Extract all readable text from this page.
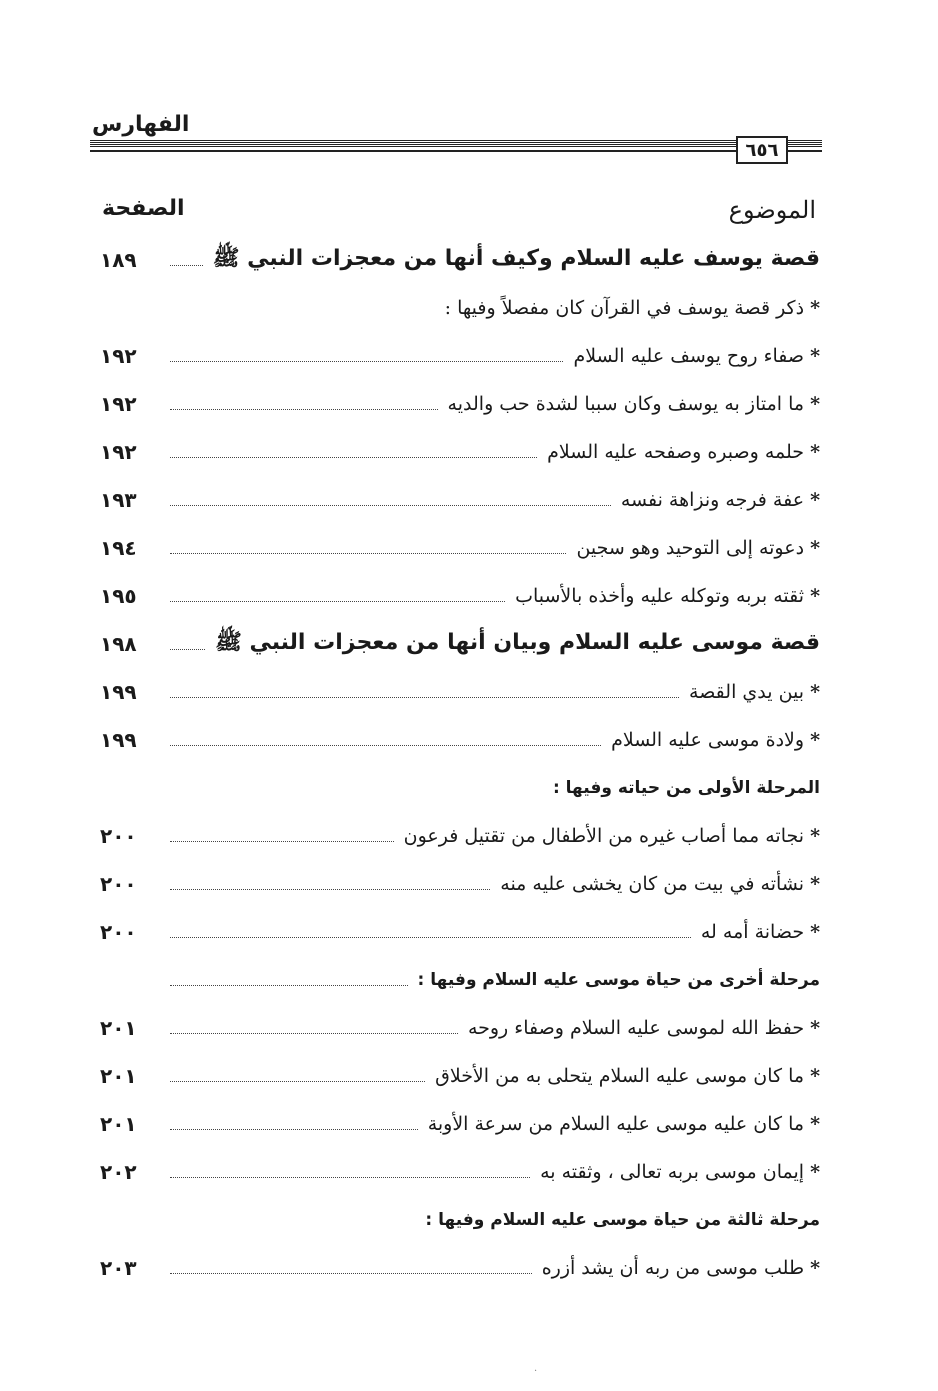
الفهارس
٦٥٦
الموضوع
الصفحة
قصة يوسف عليه السلام وكيف أنها من معجزات النبي ﷺ
١٨٩
*ذكر قصة يوسف في القرآن كان مفصلاً وفيها :
*صفاء روح يوسف عليه السلام
١٩٢
*ما امتاز به يوسف وكان سببا لشدة حب والديه
١٩٢
*حلمه وصبره وصفحه عليه السلام
١٩٢
*عفة فرجه ونزاهة نفسه
١٩٣
*دعوته إلى التوحيد وهو سجين
١٩٤
*ثقته بربه وتوكله عليه وأخذه بالأسباب
١٩٥
قصة موسى عليه السلام وبيان أنها من معجزات النبي ﷺ
١٩٨
*بين يدي القصة
١٩٩
*ولادة موسى عليه السلام
١٩٩
المرحلة الأولى من حياته وفيها :
*نجاته مما أصاب غيره من الأطفال من تقتيل فرعون
٢٠٠
*نشأته في بيت من كان يخشى عليه منه
٢٠٠
*حضانة أمه له
٢٠٠
مرحلة أخرى من حياة موسى عليه السلام وفيها :
*حفظ الله لموسى عليه السلام وصفاء روحه
٢٠١
*ما كان موسى عليه السلام يتحلى به من الأخلاق
٢٠١
*ما كان عليه موسى عليه السلام من سرعة الأوبة
٢٠١
*إيمان موسى بربه تعالى ، وثقته به
٢٠٢
مرحلة ثالثة من حياة موسى عليه السلام وفيها :
*طلب موسى من ربه أن يشد أزره
٢٠٣
·
